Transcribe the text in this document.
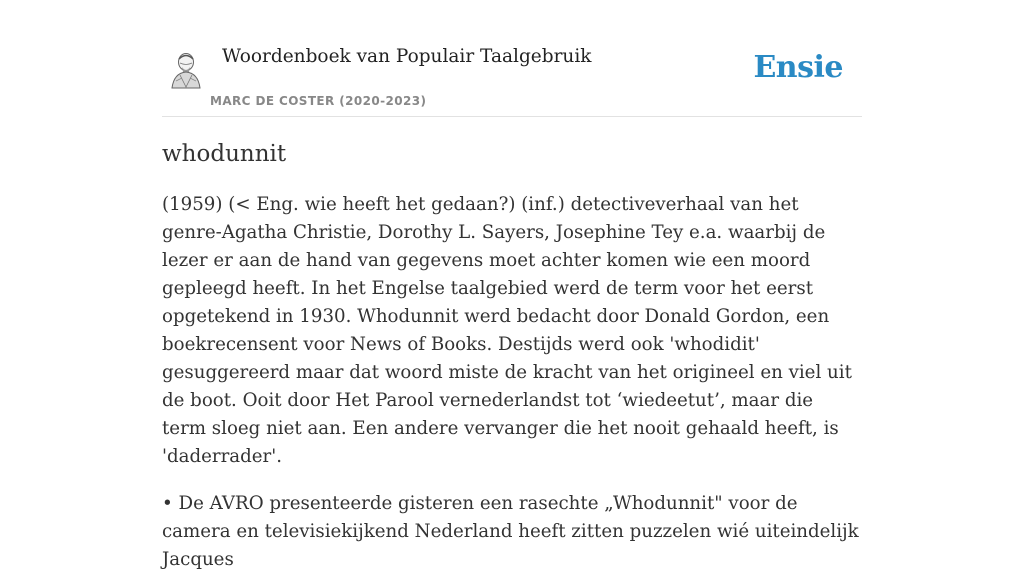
Woordenboek van Populair Taalgebruik
MARC DE COSTER (2020-2023)
Ensie
whodunnit

(1959) (< Eng. wie heeft het gedaan?) (inf.) detectiveverhaal van het genre-Agatha Christie, Dorothy L. Sayers, Josephine Tey e.a. waarbij de lezer er aan de hand van gegevens moet achter komen wie een moord gepleegd heeft. In het Engelse taalgebied werd de term voor het eerst opgetekend in 1930. Whodunnit werd bedacht door Donald Gordon, een boekrecensent voor News of Books. Destijds werd ook 'whodidit' gesuggereerd maar dat woord miste de kracht van het origineel en viel uit de boot. Ooit door Het Parool vernederlandst tot ‘wiedeetut’, maar die term sloeg niet aan. Een andere vervanger die het nooit gehaald heeft, is 'daderrader'.

• De AVRO presenteerde gisteren een rasechte „Whodunnit" voor de camera en televisiekijkend Nederland heeft zitten puzzelen wié uiteindelijk Jacques
